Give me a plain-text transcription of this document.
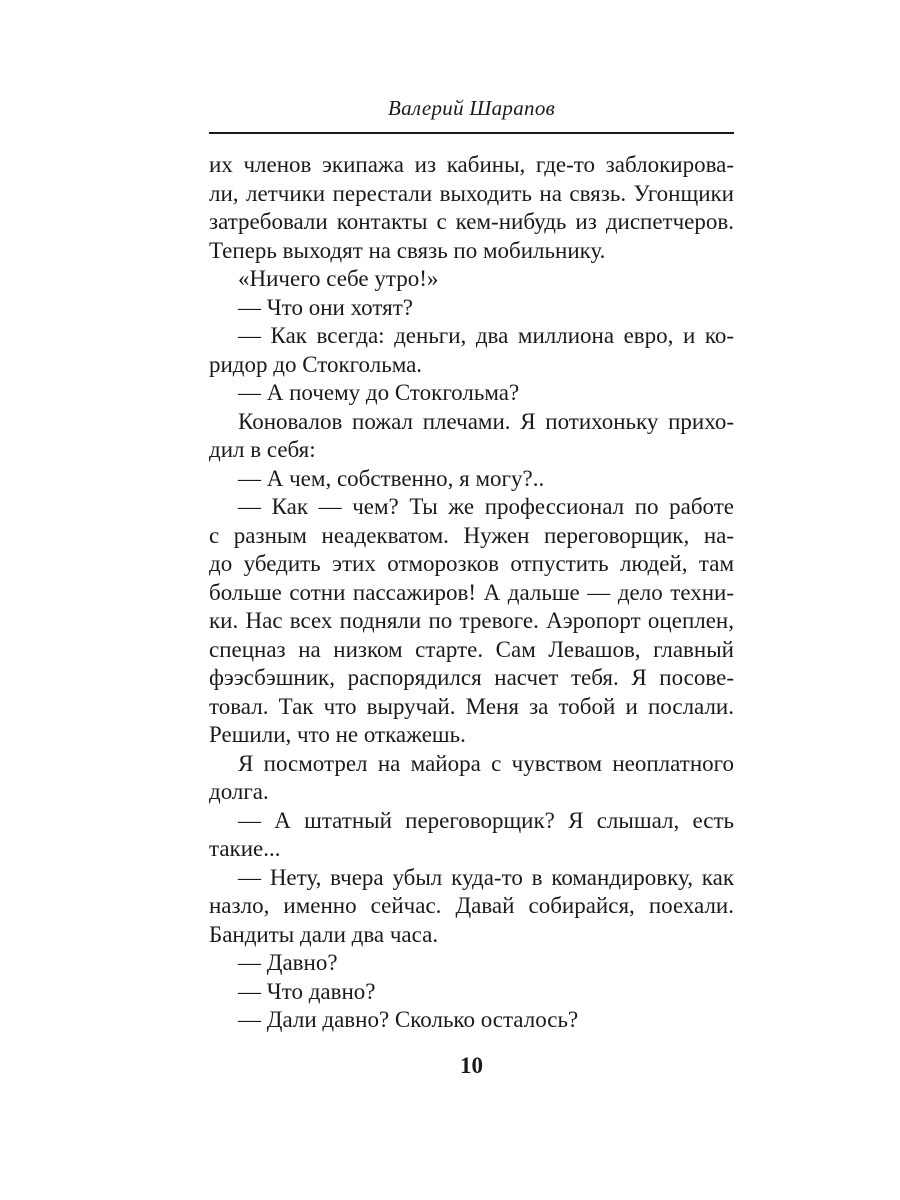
Валерий Шарапов
их членов экипажа из кабины, где-то заблокирова-
ли, летчики перестали выходить на связь. Угонщики
затребовали контакты с кем-нибудь из диспетчеров.
Теперь выходят на связь по мобильнику.
«Ничего себе утро!»
— Что они хотят?
— Как всегда: деньги, два миллиона евро, и ко-
ридор до Стокгольма.
— А почему до Стокгольма?
Коновалов пожал плечами. Я потихоньку прихо-
дил в себя:
— А чем, собственно, я могу?..
— Как — чем? Ты же профессионал по работе
с разным неадекватом. Нужен переговорщик, на-
до убедить этих отморозков отпустить людей, там
больше сотни пассажиров! А дальше — дело техни-
ки. Нас всех подняли по тревоге. Аэропорт оцеплен,
спецназ на низком старте. Сам Левашов, главный
фээсбэшник, распорядился насчет тебя. Я посове-
товал. Так что выручай. Меня за тобой и послали.
Решили, что не откажешь.
Я посмотрел на майора с чувством неоплатного
долга.
— А штатный переговорщик? Я слышал, есть
такие...
— Нету, вчера убыл куда-то в командировку, как
назло, именно сейчас. Давай собирайся, поехали.
Бандиты дали два часа.
— Давно?
— Что давно?
— Дали давно? Сколько осталось?
10
